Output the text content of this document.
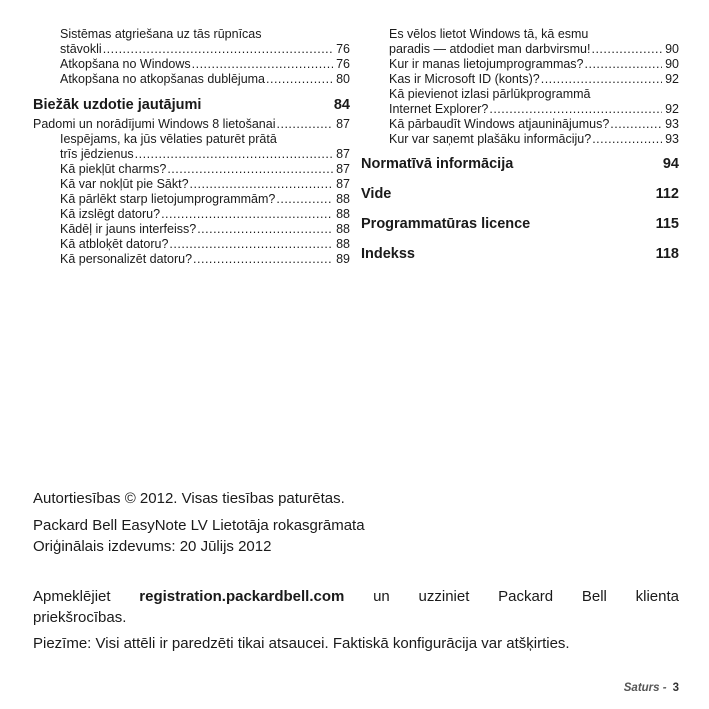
Sistēmas atgriešana uz tās rūpnīcas
stāvokli .....	76
Atkopšana no Windows .....	76
Atkopšana no atkopšanas dublējuma .....	80
Biežāk uzdotie jautājumi	84
Padomi un norādījumi Windows 8 lietošanai .....	87
Iespējams, ka jūs vēlaties paturēt prātā
trīs jēdzienus .....	87
Kā piekļūt charms? .....	87
Kā var nokļūt pie Sākt? .....	87
Kā pārlēkt starp lietojumprogrammām? .....	88
Kā izslēgt datoru? .....	88
Kādēļ ir jauns interfeiss? .....	88
Kā atbloķēt datoru? .....	88
Kā personalizēt datoru? .....	89
Es vēlos lietot Windows tā, kā esmu
paradis — atdodiet man darbvirsmu! .....	90
Kur ir manas lietojumprogrammas? .....	90
Kas ir Microsoft ID (konts)? .....	92
Kā pievienot izlasi pārlūkprogrammā
Internet Explorer? .....	92
Kā pārbaudīt Windows atjauninājumus? .....	93
Kur var saņemt plašāku informāciju? .....	93
Normatīvā informācija	94
Vide	112
Programmatūras licence	115
Indekss	118
Autortiesības © 2012. Visas tiesības paturētas.
Packard Bell EasyNote LV Lietotāja rokasgrāmata
Oriģinālais izdevums: 20 Jūlijs 2012
Apmeklējiet registration.packardbell.com un uzziniet Packard Bell klienta
priekšrocības.
Piezīme: Visi attēli ir paredzēti tikai atsaucei. Faktiskā konfigurācija var atšķirties.
Saturs - 3
